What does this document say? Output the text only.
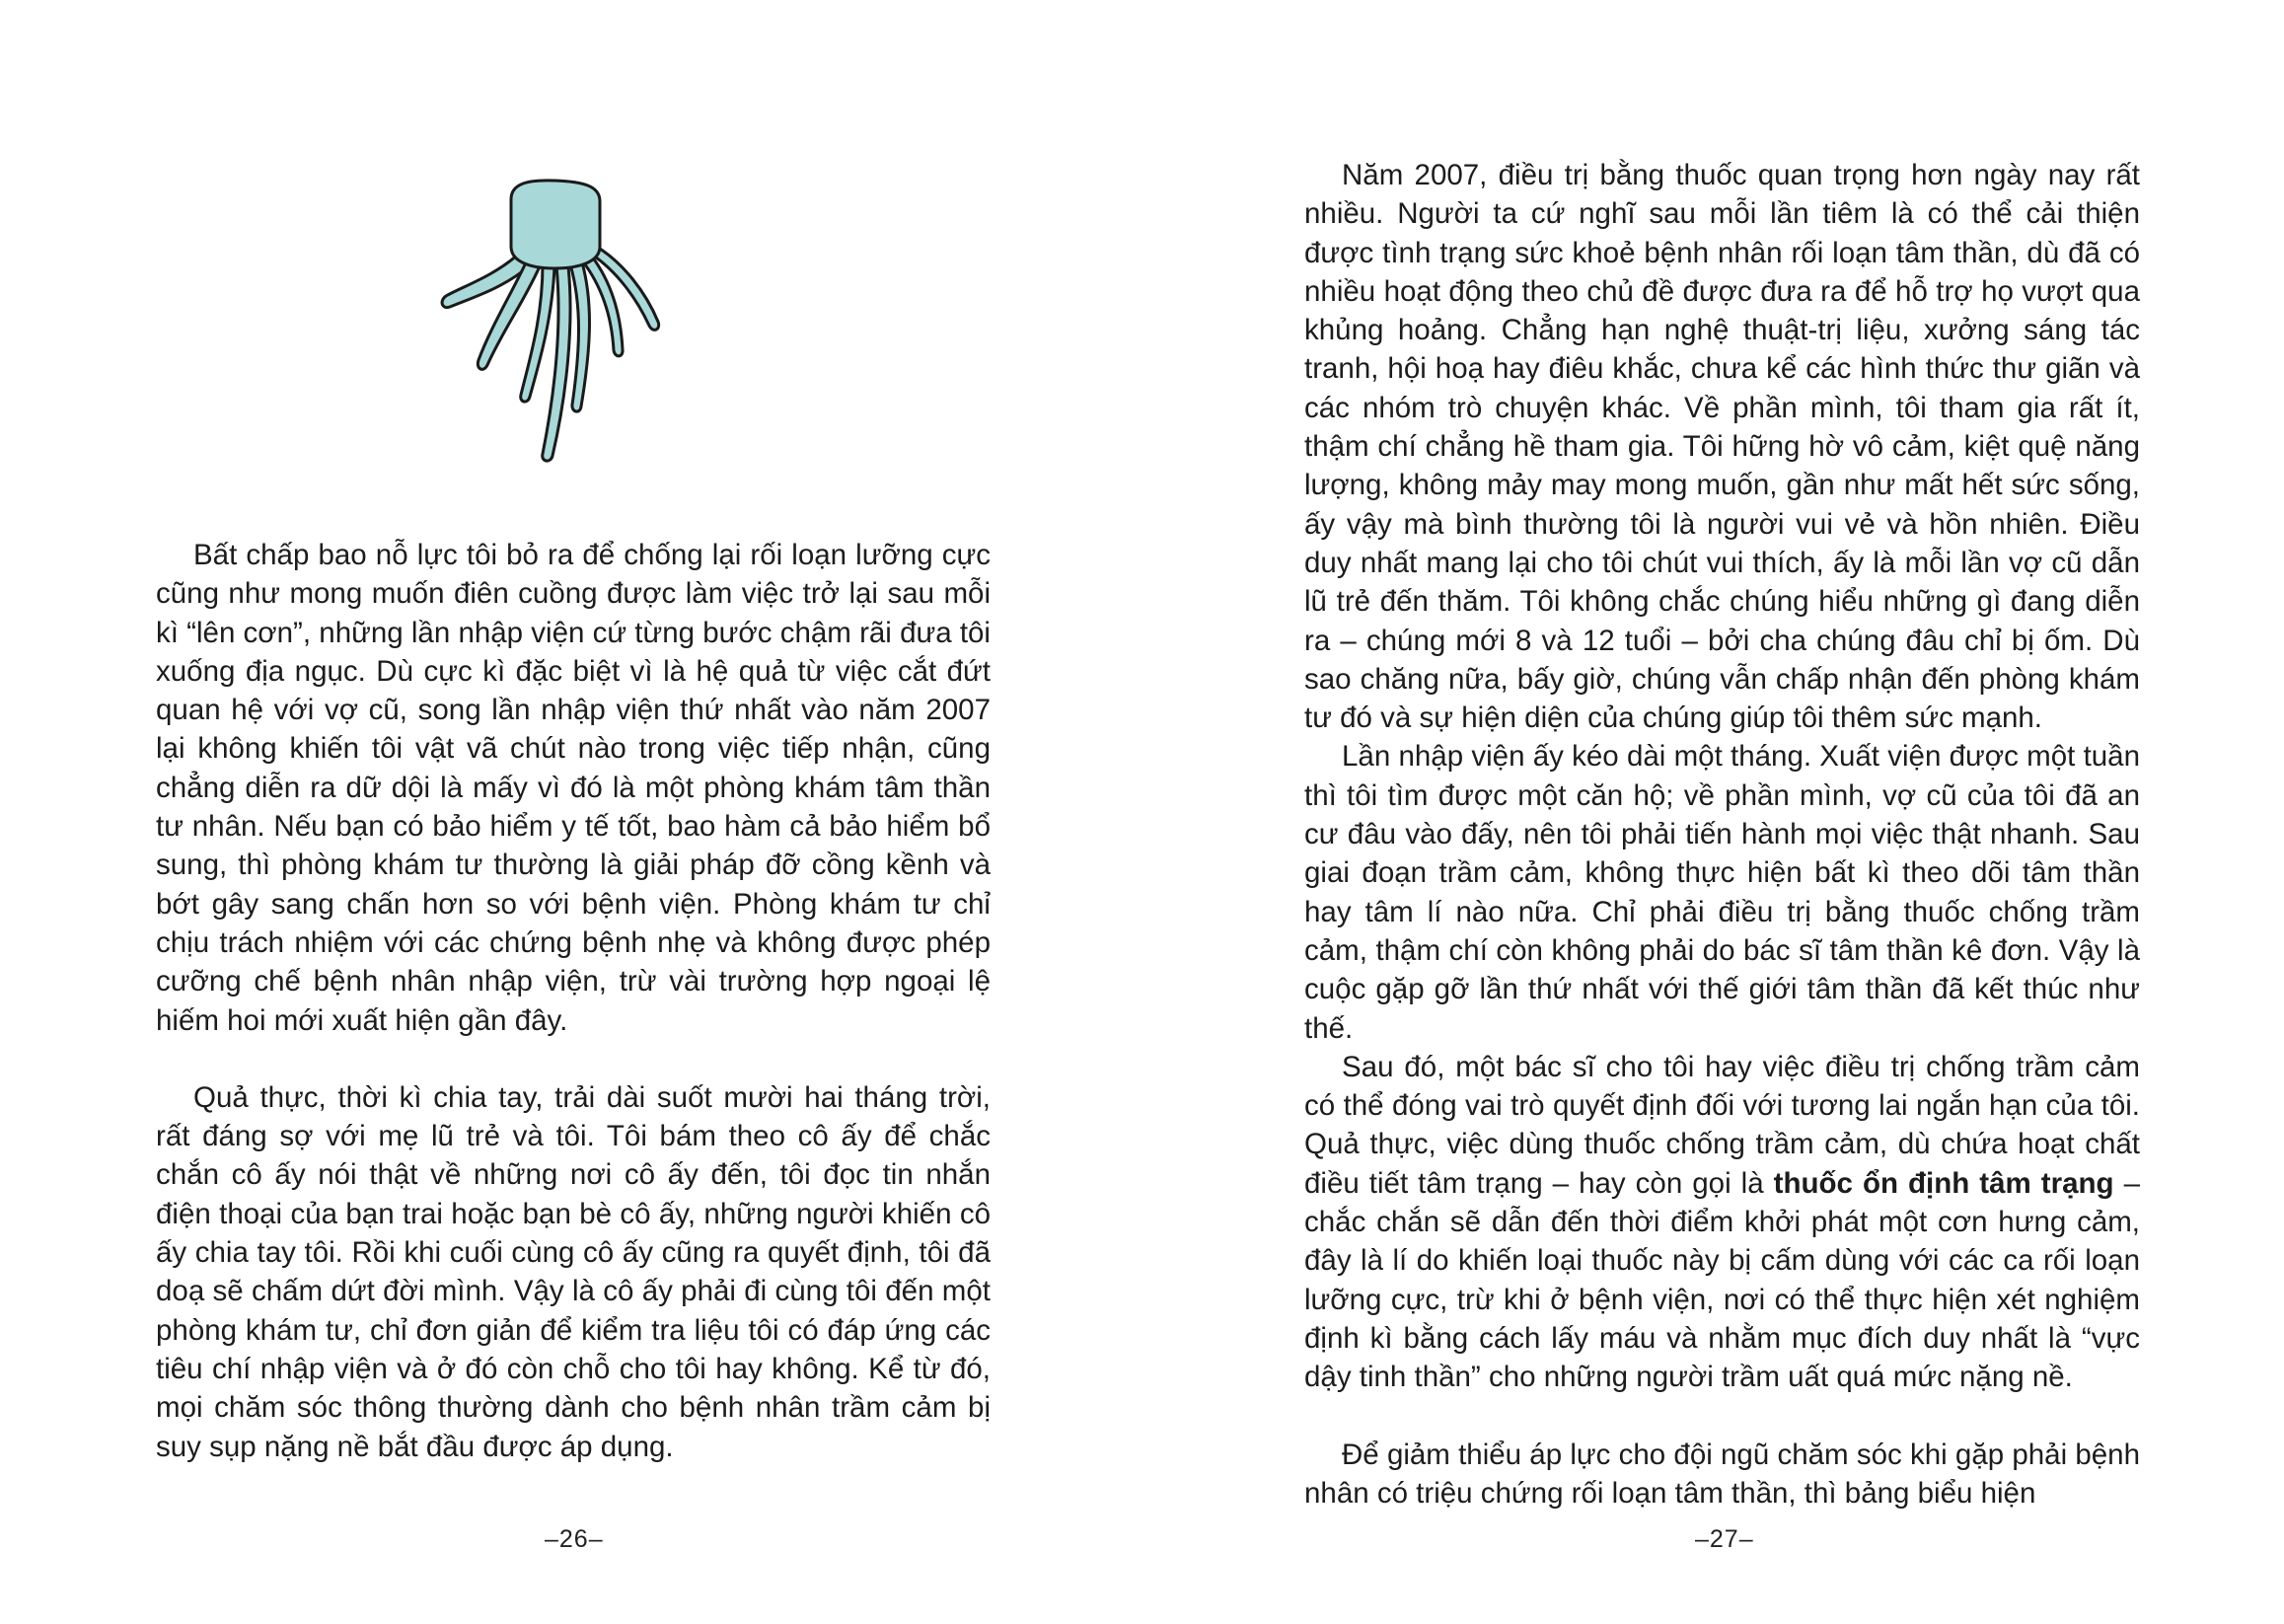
Bất chấp bao nỗ lực tôi bỏ ra để chống lại rối loạn lưỡng cực cũng như mong muốn điên cuồng được làm việc trở lại sau mỗi kì “lên cơn”, những lần nhập viện cứ từng bước chậm rãi đưa tôi xuống địa ngục. Dù cực kì đặc biệt vì là hệ quả từ việc cắt đứt quan hệ với vợ cũ, song lần nhập viện thứ nhất vào năm 2007 lại không khiến tôi vật vã chút nào trong việc tiếp nhận, cũng chẳng diễn ra dữ dội là mấy vì đó là một phòng khám tâm thần tư nhân. Nếu bạn có bảo hiểm y tế tốt, bao hàm cả bảo hiểm bổ sung, thì phòng khám tư thường là giải pháp đỡ cồng kềnh và bớt gây sang chấn hơn so với bệnh viện. Phòng khám tư chỉ chịu trách nhiệm với các chứng bệnh nhẹ và không được phép cưỡng chế bệnh nhân nhập viện, trừ vài trường hợp ngoại lệ hiếm hoi mới xuất hiện gần đây.

Quả thực, thời kì chia tay, trải dài suốt mười hai tháng trời, rất đáng sợ với mẹ lũ trẻ và tôi. Tôi bám theo cô ấy để chắc chắn cô ấy nói thật về những nơi cô ấy đến, tôi đọc tin nhắn điện thoại của bạn trai hoặc bạn bè cô ấy, những người khiến cô ấy chia tay tôi. Rồi khi cuối cùng cô ấy cũng ra quyết định, tôi đã doạ sẽ chấm dứt đời mình. Vậy là cô ấy phải đi cùng tôi đến một phòng khám tư, chỉ đơn giản để kiểm tra liệu tôi có đáp ứng các tiêu chí nhập viện và ở đó còn chỗ cho tôi hay không. Kể từ đó, mọi chăm sóc thông thường dành cho bệnh nhân trầm cảm bị suy sụp nặng nề bắt đầu được áp dụng.

–26–

Năm 2007, điều trị bằng thuốc quan trọng hơn ngày nay rất nhiều. Người ta cứ nghĩ sau mỗi lần tiêm là có thể cải thiện được tình trạng sức khoẻ bệnh nhân rối loạn tâm thần, dù đã có nhiều hoạt động theo chủ đề được đưa ra để hỗ trợ họ vượt qua khủng hoảng. Chẳng hạn nghệ thuật-trị liệu, xưởng sáng tác tranh, hội hoạ hay điêu khắc, chưa kể các hình thức thư giãn và các nhóm trò chuyện khác. Về phần mình, tôi tham gia rất ít, thậm chí chẳng hề tham gia. Tôi hững hờ vô cảm, kiệt quệ năng lượng, không mảy may mong muốn, gần như mất hết sức sống, ấy vậy mà bình thường tôi là người vui vẻ và hồn nhiên. Điều duy nhất mang lại cho tôi chút vui thích, ấy là mỗi lần vợ cũ dẫn lũ trẻ đến thăm. Tôi không chắc chúng hiểu những gì đang diễn ra – chúng mới 8 và 12 tuổi – bởi cha chúng đâu chỉ bị ốm. Dù sao chăng nữa, bấy giờ, chúng vẫn chấp nhận đến phòng khám tư đó và sự hiện diện của chúng giúp tôi thêm sức mạnh.

Lần nhập viện ấy kéo dài một tháng. Xuất viện được một tuần thì tôi tìm được một căn hộ; về phần mình, vợ cũ của tôi đã an cư đâu vào đấy, nên tôi phải tiến hành mọi việc thật nhanh. Sau giai đoạn trầm cảm, không thực hiện bất kì theo dõi tâm thần hay tâm lí nào nữa. Chỉ phải điều trị bằng thuốc chống trầm cảm, thậm chí còn không phải do bác sĩ tâm thần kê đơn. Vậy là cuộc gặp gỡ lần thứ nhất với thế giới tâm thần đã kết thúc như thế.

Sau đó, một bác sĩ cho tôi hay việc điều trị chống trầm cảm có thể đóng vai trò quyết định đối với tương lai ngắn hạn của tôi. Quả thực, việc dùng thuốc chống trầm cảm, dù chứa hoạt chất điều tiết tâm trạng – hay còn gọi là thuốc ổn định tâm trạng – chắc chắn sẽ dẫn đến thời điểm khởi phát một cơn hưng cảm, đây là lí do khiến loại thuốc này bị cấm dùng với các ca rối loạn lưỡng cực, trừ khi ở bệnh viện, nơi có thể thực hiện xét nghiệm định kì bằng cách lấy máu và nhằm mục đích duy nhất là “vực dậy tinh thần” cho những người trầm uất quá mức nặng nề.

Để giảm thiểu áp lực cho đội ngũ chăm sóc khi gặp phải bệnh nhân có triệu chứng rối loạn tâm thần, thì bảng biểu hiện

–27–
